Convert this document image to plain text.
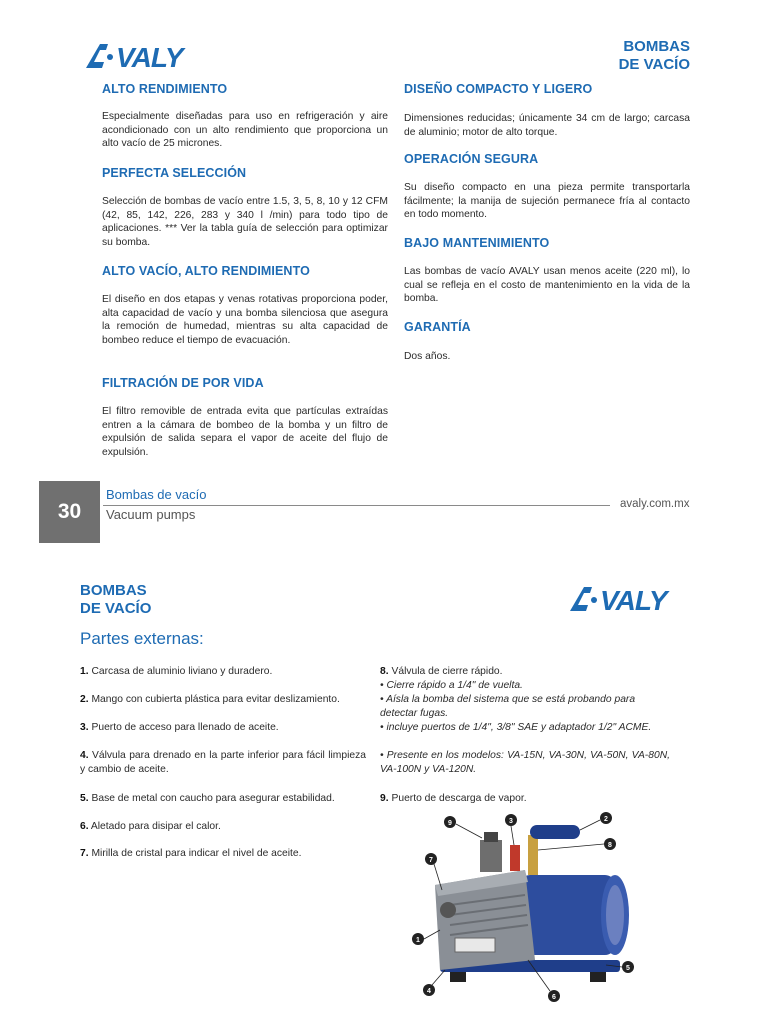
VALY	BOMBAS
DE VACÍO
ALTO RENDIMIENTO

Especialmente diseñadas para uso en refrigeración y aire acondicionado con un alto rendimiento que proporciona un alto vacío de 25 micrones.

PERFECTA SELECCIÓN

Selección de bombas de vacío entre 1.5, 3, 5, 8, 10 y 12 CFM (42, 85, 142, 226, 283 y 340 l /min) para todo tipo de aplicaciones. *** Ver la tabla guía de selección para optimizar su bomba.

ALTO VACÍO, ALTO RENDIMIENTO

El diseño en dos etapas y venas rotativas proporciona poder, alta capacidad de vacío y una bomba silenciosa que asegura la remoción de humedad, mientras su alta capacidad de bombeo reduce el tiempo de evacuación.

FILTRACIÓN DE POR VIDA

El filtro removible de entrada evita que partículas extraídas entren a la cámara de bombeo de la bomba y un filtro de expulsión de salida separa el vapor de aceite del flujo de expulsión.

DISEÑO COMPACTO Y LIGERO

Dimensiones reducidas; únicamente 34 cm de largo; carcasa de aluminio; motor de alto torque.

OPERACIÓN SEGURA

Su diseño compacto en una pieza permite transportarla fácilmente; la manija de sujeción permanece fría al contacto en todo momento.

BAJO MANTENIMIENTO

Las bombas de vacío AVALY usan menos aceite (220 ml), lo cual se refleja en el costo de mantenimiento en la vida de la bomba.

GARANTÍA

Dos años.

30
Bombas de vacío
Vacuum pumps
avaly.com.mx
BOMBAS
DE VACÍO	VALY
Partes externas:

1. Carcasa de aluminio liviano y duradero.

2. Mango con cubierta plástica para evitar deslizamiento.

3. Puerto de acceso para llenado de aceite.

4. Válvula para drenado en la parte inferior para fácil limpieza y cambio de aceite.

5. Base de metal con caucho para asegurar estabilidad.

6. Aletado para disipar el calor.

7. Mirilla de cristal para indicar el nivel de aceite.

8. Válvula de cierre rápido.

• Cierre rápido a 1/4" de vuelta.

• Aísla la bomba del sistema que se está probando para detectar fugas.

• incluye puertos de 1/4", 3/8" SAE y adaptador 1/2" ACME.

• Presente en los modelos: VA-15N, VA-30N, VA-50N, VA-80N, VA-100N y VA-120N.

9. Puerto de descarga de vapor.

9	3	2
8
7
1
4
6
5
